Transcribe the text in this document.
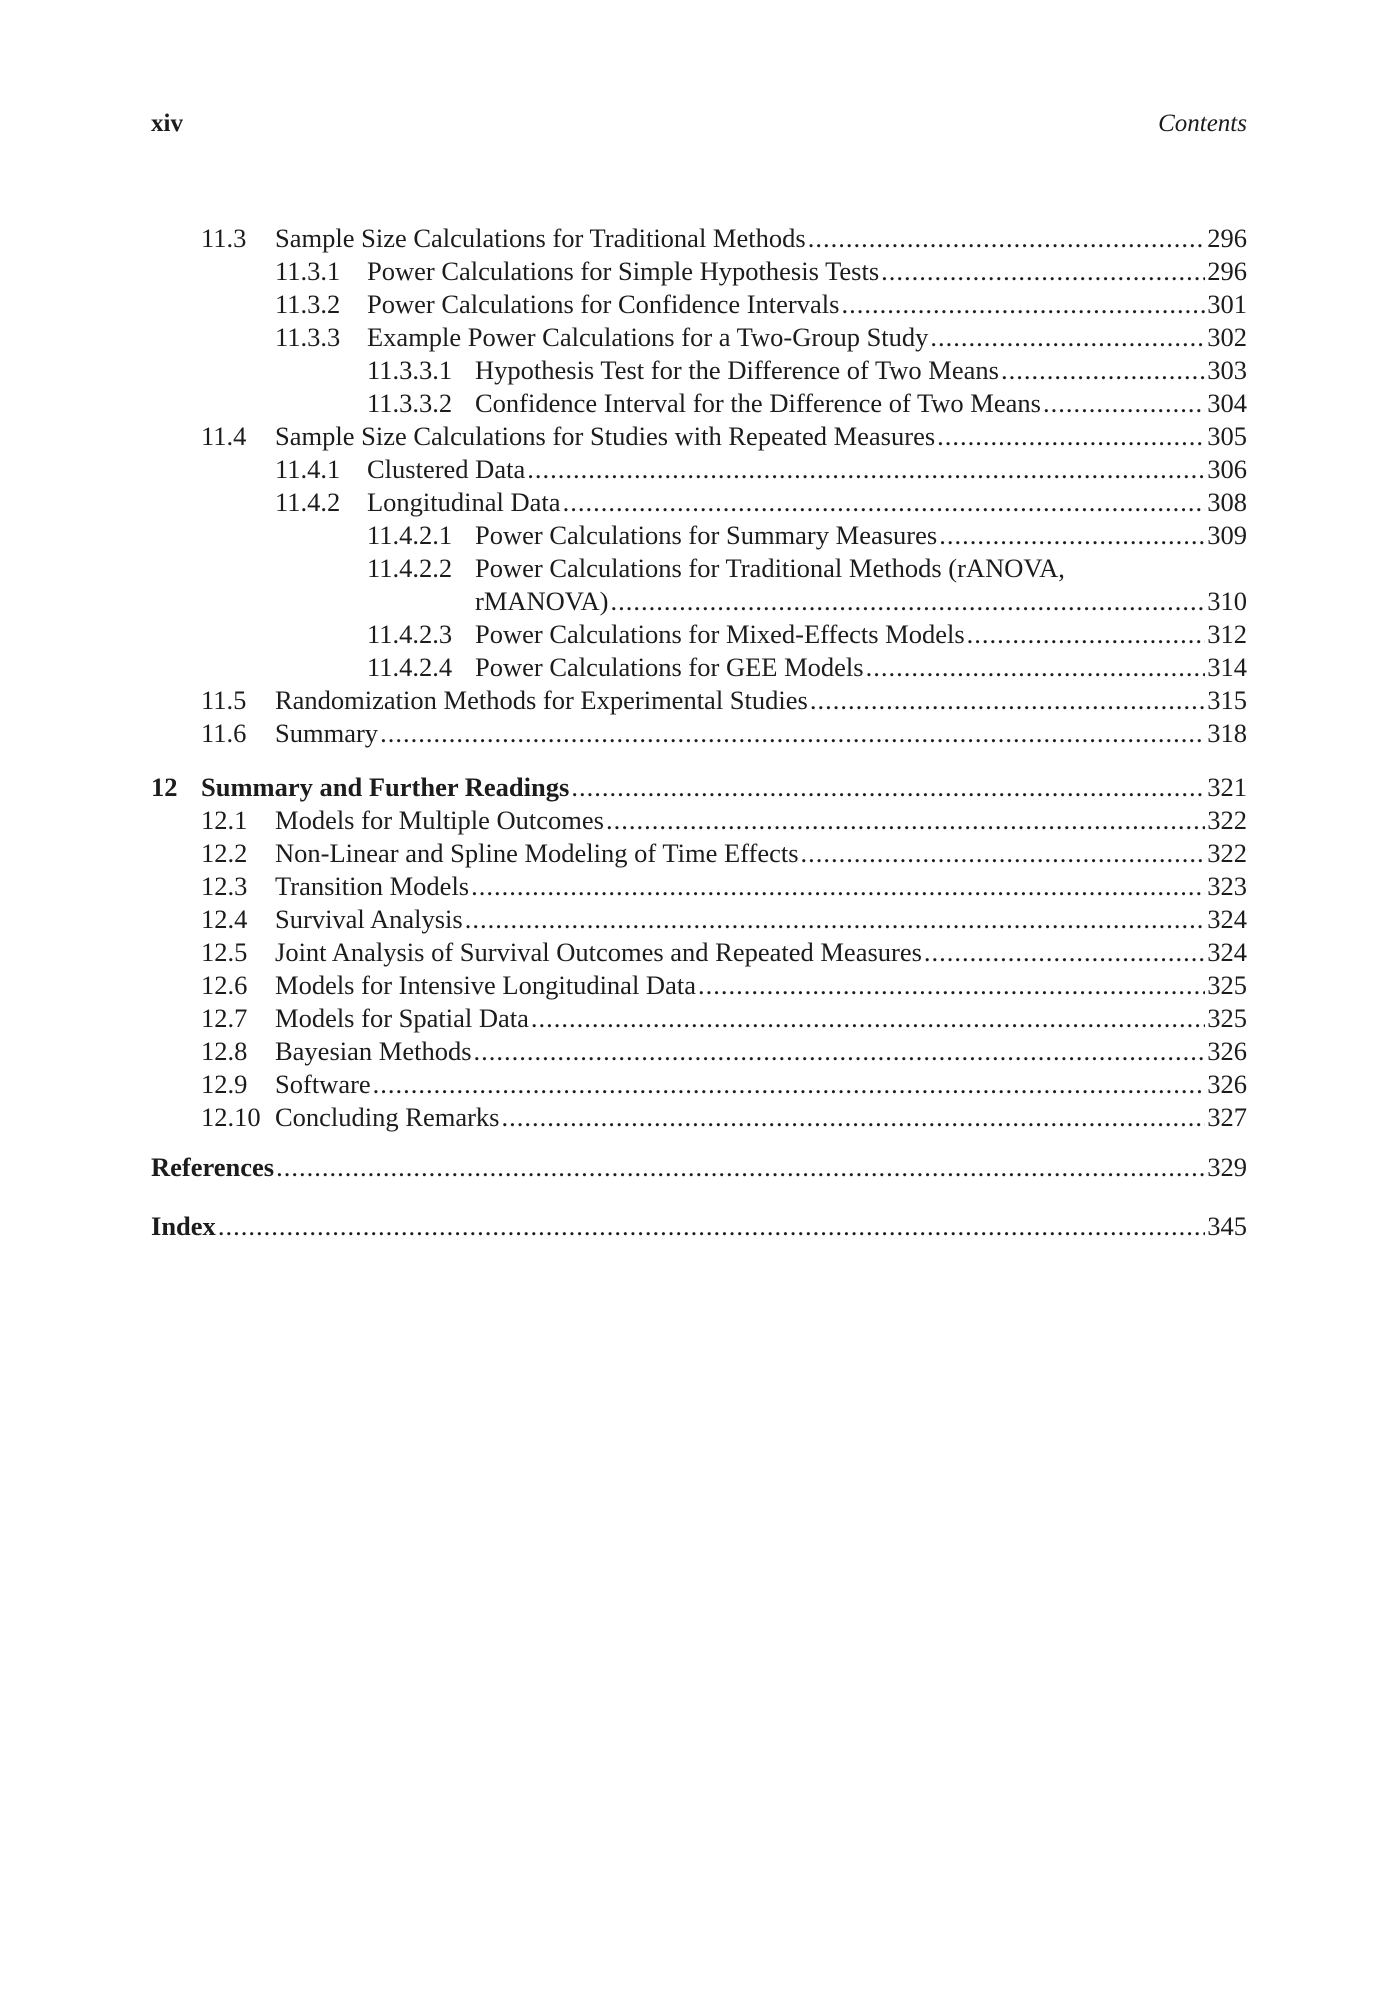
xiv	Contents
11.3 Sample Size Calculations for Traditional Methods .....	296
11.3.1 Power Calculations for Simple Hypothesis Tests .....	296
11.3.2 Power Calculations for Confidence Intervals .....	301
11.3.3 Example Power Calculations for a Two-Group Study .....	302
11.3.3.1 Hypothesis Test for the Difference of Two Means .....	303
11.3.3.2 Confidence Interval for the Difference of Two Means .....	304
11.4 Sample Size Calculations for Studies with Repeated Measures .....	305
11.4.1 Clustered Data .....	306
11.4.2 Longitudinal Data .....	308
11.4.2.1 Power Calculations for Summary Measures .....	309
11.4.2.2 Power Calculations for Traditional Methods (rANOVA,
rMANOVA) .....	310
11.4.2.3 Power Calculations for Mixed-Effects Models .....	312
11.4.2.4 Power Calculations for GEE Models .....	314
11.5 Randomization Methods for Experimental Studies .....	315
11.6 Summary .....	318
12 Summary and Further Readings .....	321
12.1 Models for Multiple Outcomes .....	322
12.2 Non-Linear and Spline Modeling of Time Effects .....	322
12.3 Transition Models .....	323
12.4 Survival Analysis .....	324
12.5 Joint Analysis of Survival Outcomes and Repeated Measures .....	324
12.6 Models for Intensive Longitudinal Data .....	325
12.7 Models for Spatial Data .....	325
12.8 Bayesian Methods .....	326
12.9 Software .....	326
12.10 Concluding Remarks .....	327
References .....	329
Index .....	345
